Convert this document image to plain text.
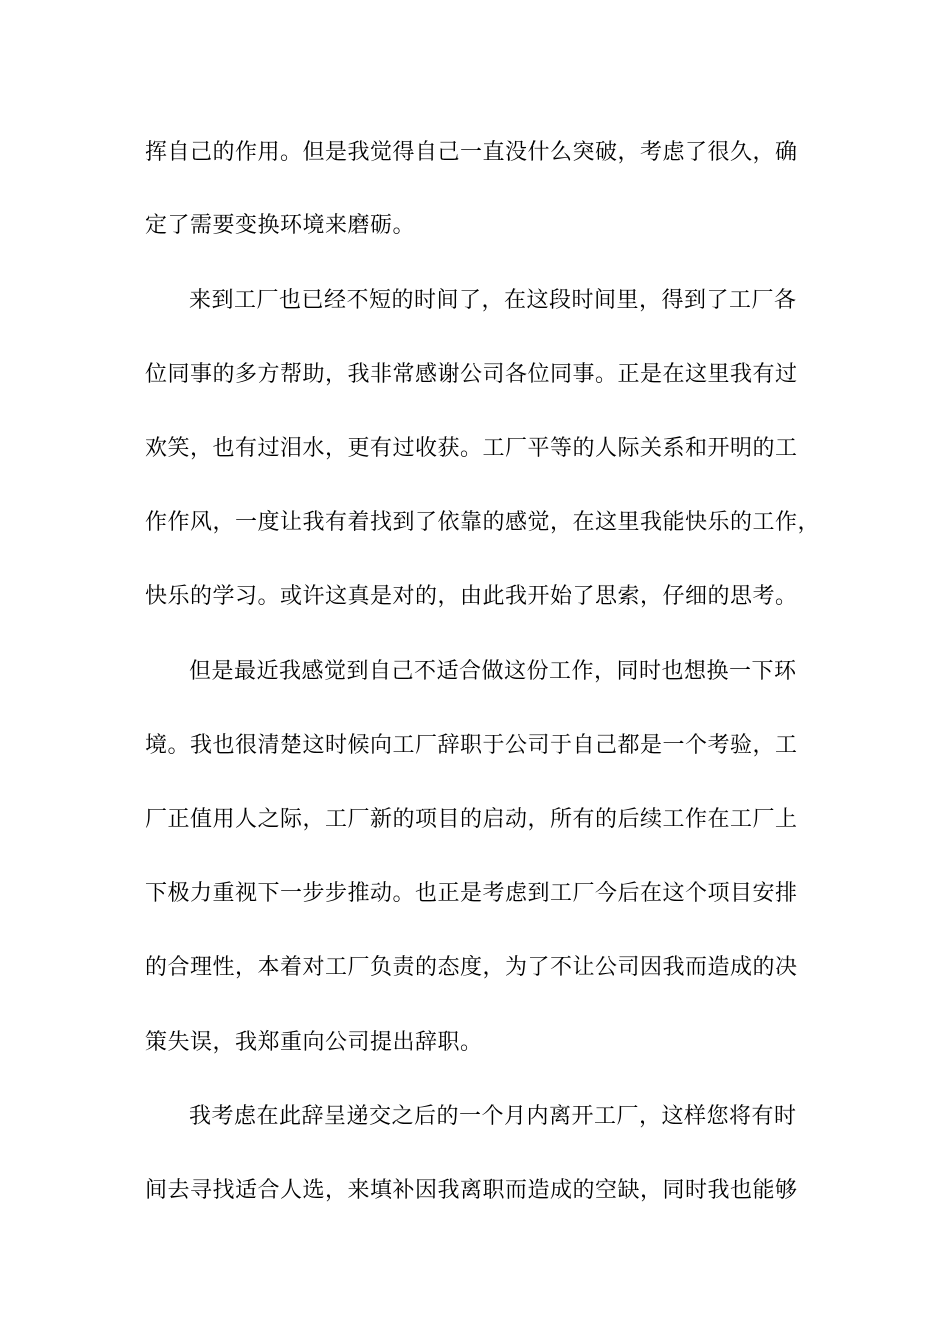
挥自己的作用。但是我觉得自己一直没什么突破，考虑了很久，确
定了需要变换环境来磨砺。
来到工厂也已经不短的时间了，在这段时间里，得到了工厂各
位同事的多方帮助，我非常感谢公司各位同事。正是在这里我有过
欢笑，也有过泪水，更有过收获。工厂平等的人际关系和开明的工
作作风，一度让我有着找到了依靠的感觉，在这里我能快乐的工作，
快乐的学习。或许这真是对的，由此我开始了思索，仔细的思考。
但是最近我感觉到自己不适合做这份工作，同时也想换一下环
境。我也很清楚这时候向工厂辞职于公司于自己都是一个考验，工
厂正值用人之际，工厂新的项目的启动，所有的后续工作在工厂上
下极力重视下一步步推动。也正是考虑到工厂今后在这个项目安排
的合理性，本着对工厂负责的态度，为了不让公司因我而造成的决
策失误，我郑重向公司提出辞职。
我考虑在此辞呈递交之后的一个月内离开工厂，这样您将有时
间去寻找适合人选，来填补因我离职而造成的空缺，同时我也能够
